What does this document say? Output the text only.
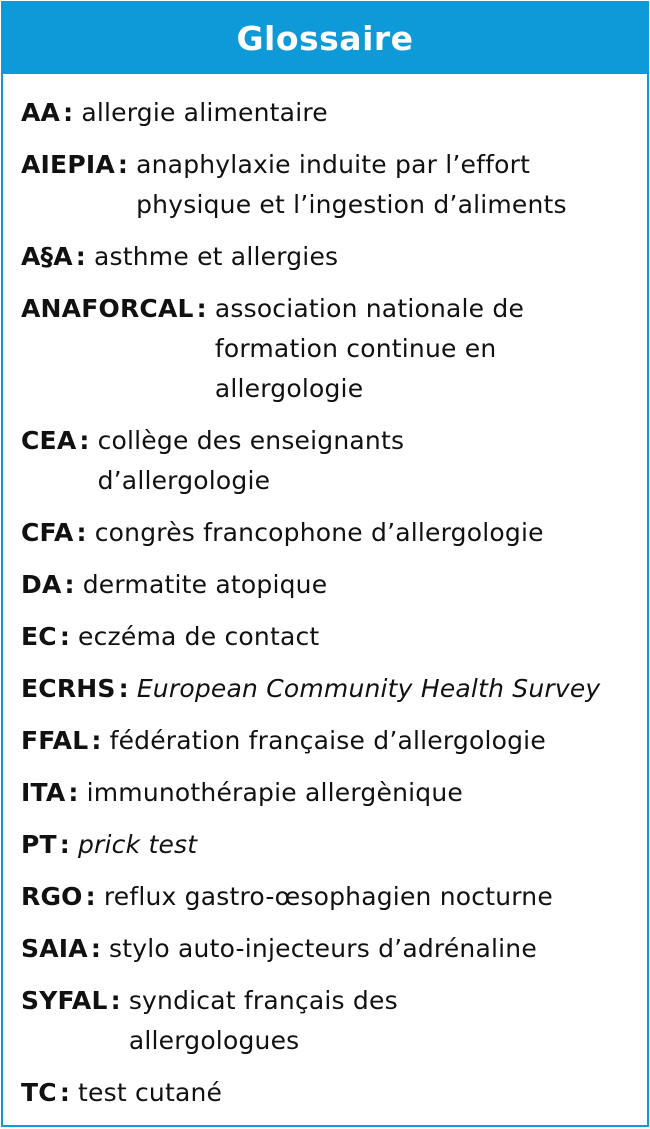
Glossaire
AA : allergie alimentaire
AIEPIA : anaphylaxie induite par l’effort
physique et l’ingestion d’aliments
A§A : asthme et allergies
ANAFORCAL : association nationale de
formation continue en
allergologie
CEA : collège des enseignants
d’allergologie
CFA : congrès francophone d’allergologie
DA : dermatite atopique
EC : eczéma de contact
ECRHS : European Community Health Survey
FFAL : fédération française d’allergologie
ITA : immunothérapie allergènique
PT : prick test
RGO : reflux gastro-œsophagien nocturne
SAIA : stylo auto-injecteurs d’adrénaline
SYFAL : syndicat français des
allergologues
TC : test cutané
